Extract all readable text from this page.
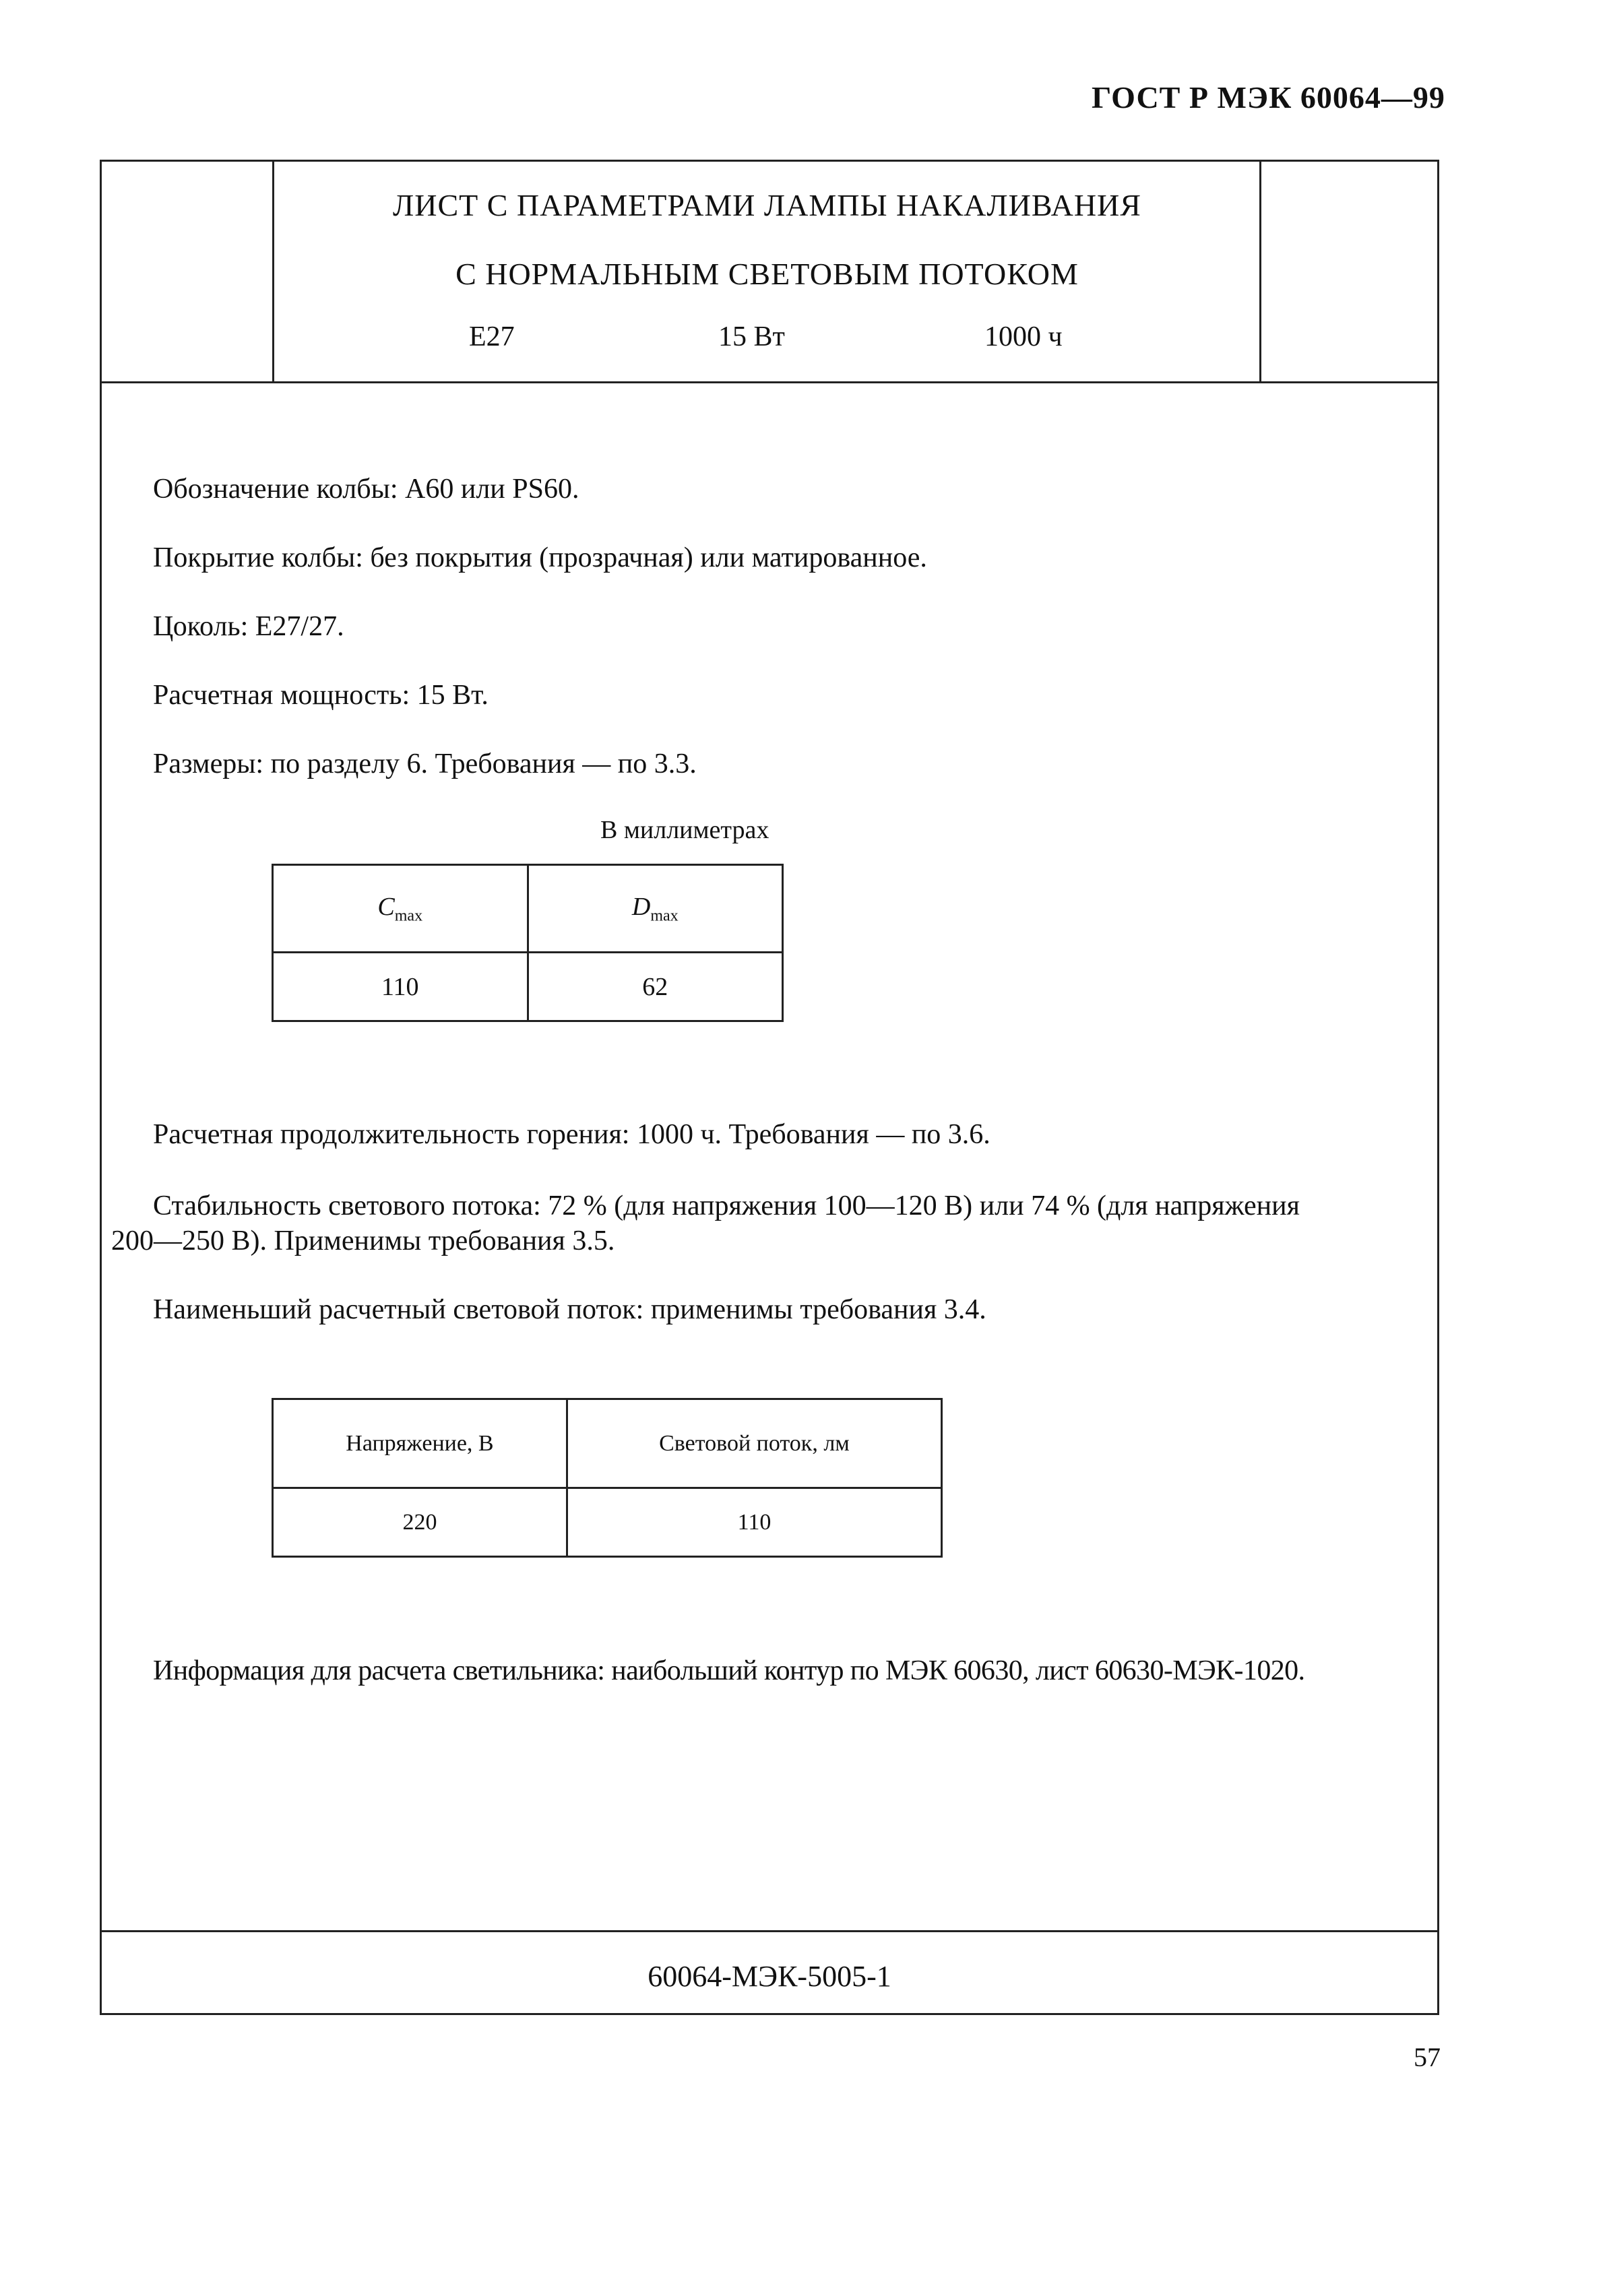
ГОСТ Р МЭК 60064—99
ЛИСТ С ПАРАМЕТРАМИ ЛАМПЫ НАКАЛИВАНИЯ
С НОРМАЛЬНЫМ СВЕТОВЫМ ПОТОКОМ
Е27	15 Вт	1000 ч
Обозначение колбы: А60 или PS60.
Покрытие колбы: без покрытия (прозрачная) или матированное.
Цоколь: Е27/27.
Расчетная мощность: 15 Вт.
Размеры: по разделу 6. Требования — по 3.3.
В миллиметрах
$C_{max}$	$D_{max}$
110	62
Расчетная продолжительность горения: 1000 ч. Требования — по 3.6.
Стабильность светового потока: 72 % (для напряжения 100—120 В) или 74 % (для напряжения
200—250 В). Применимы требования 3.5.
Наименьший расчетный световой поток: применимы требования 3.4.
Напряжение, В	Световой поток, лм
220	110
Информация для расчета светильника: наибольший контур по МЭК 60630, лист 60630-МЭК-1020.
60064-МЭК-5005-1
57
